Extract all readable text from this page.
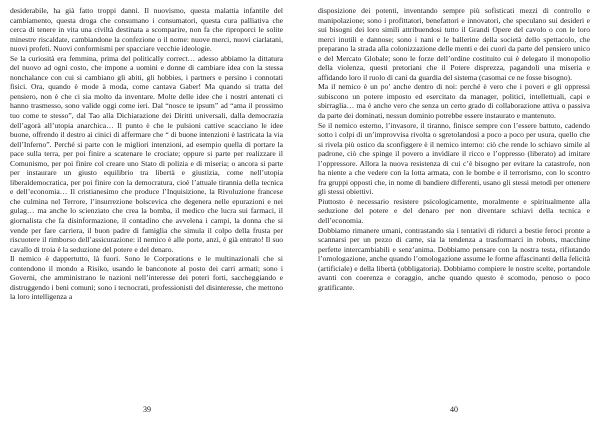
desiderabile, ha già fatto troppi danni. Il nuovismo, questa malattia infantile del cambiamento, questa droga che consumano i consumatori, questa cura palliativa che cerca di tenere in vita una civiltà destinata a scomparire, non fa che riproporci le solite minestre riscaldate, cambiandone la confezione o il nome: nuove merci, nuovi ciarlatani, nuovi profeti. Nuovi conformismi per spacciare vecchie ideologie.

Se la curiosità era femmina, prima del politically correct… adesso abbiamo la dittatura del nuovo ad ogni costo, che impone a uomini e donne di cambiare idea con la stessa nonchalance con cui si cambiano gli abiti, gli hobbies, i partners e persino i connotati fisici. Ora, quando è mode à moda, come cantava Gaber! Ma quando si tratta del pensiero, non è che ci sia molto da inventare. Molte delle idee che i nostri antenati ci hanno trasmesso, sono valide oggi come ieri. Dal “nosce te ipsum” ad “ama il prossimo tuo come te stesso”, dal Tao alla Dichiarazione dei Diritti universali, dalla democrazia dell’agorà all’utopia anarchica… Il punto è che le pulsioni cattive scacciano le idee buone, offrendo il destro ai cinici di affermare che “ di buone intenzioni è lastricata la via dell’Inferno”. Perché si parte con le migliori intenzioni, ad esempio quella di portare la pace sulla terra, per poi finire a scatenare le crociate; oppure si parte per realizzare il Comunismo, per poi finire col creare uno Stato di polizia e di miseria; o ancora si parte per instaurare un giusto equilibrio tra libertà e giustizia, come nell’utopia liberaldemocratica, per poi finire con la democratura, cioè l’attuale tirannia della tecnica e dell’economia… Il cristianesimo che produce l’Inquisizione, la Rivoluzione francese che culmina nel Terrore, l’insurrezione bolscevica che degenera nelle epurazioni e nei gulag… ma anche lo scienziato che crea la bomba, il medico che lucra sui farmaci, il giornalista che fa disinformazione, il contadino che avvelena i campi, la donna che si vende per fare carriera, il buon padre di famiglia che simula il colpo della frusta per riscuotere il rimborso dell’assicurazione: il nemico è alle porte, anzi, è già entrato! Il suo cavallo di troia è la seduzione del potere e del denaro.

Il nemico è dappertutto, là fuori. Sono le Corporations e le multinazionali che si contendono il mondo a Risiko, usando le banconote al posto dei carri armati; sono i Governi, che amministrano le nazioni nell’interesse dei poteri forti, saccheggiando e distruggendo i beni comuni; sono i tecnocrati, professionisti del disinteresse, che mettono la loro intelligenza a

disposizione dei potenti, inventando sempre più sofisticati mezzi di controllo e manipolazione; sono i profittatori, benefattori e innovatori, che speculano sui desideri e sui bisogni dei loro simili attribuendosi tutto il Grandi Opere del cavolo o con le loro merci inutili e dannose; sono i nani e le ballerine della società dello spettacolo, che preparano la strada alla colonizzazione delle menti e dei cuori da parte del pensiero unico e del Mercato Globale; sono le forze dell’ordine costituito cui è delegato il monopolio della violenza, questi pretoriani che il Potere disprezza, pagandoli una miseria e affidando loro il ruolo di cani da guardia del sistema (casomai ce ne fosse bisogno).

Ma il nemico è un po’ anche dentro di noi: perché è vero che i poveri e gli oppressi subiscono un potere imposto ed esercitato da manager, politici, intellettuali, capi e sbirraglia… ma è anche vero che senza un certo grado di collaborazione attiva o passiva da parte dei dominati, nessun dominio potrebbe essere instaurato e mantenuto.

Se il nemico esterno, l’invasore, il tiranno, finisce sempre con l’essere battuto, cadendo sotto i colpi di un’improvvisa rivolta o sgretolandosi a poco a poco per usura, quello che si rivela più ostico da sconfiggere è il nemico interno: ciò che rende lo schiavo simile al padrone, ciò che spinge il povero a invidiare il ricco e l’oppresso (liberato) ad imitare l’oppressore. Allora la nuova resistenza di cui c’è bisogno per evitare la catastrofe, non ha niente a che vedere con la lotta armata, con le bombe e il terrorismo, con lo scontro fra gruppi opposti che, in nome di bandiere differenti, usano gli stessi metodi per ottenere gli stessi obiettivi.

Piuttosto è necessario resistere psicologicamente, moralmente e spiritualmente alla seduzione del potere e del denaro per non diventare schiavi della tecnica e dell’economia.

Dobbiamo rimanere umani, contrastando sia i tentativi di ridurci a bestie feroci pronte a scannarsi per un pezzo di carne, sia la tendenza a trasformarci in robots, macchine perfette intercambiabili e senz’anima. Dobbiamo pensare con la nostra testa, rifiutando l’omologazione, anche quando l’omologazione assume le forme affascinanti della felicità (artificiale) e della libertà (obbligatoria). Dobbiamo compiere le nostre scelte, portandole avanti con coerenza e coraggio, anche quando questo è scomodo, penoso o poco gratificante.

39	40
